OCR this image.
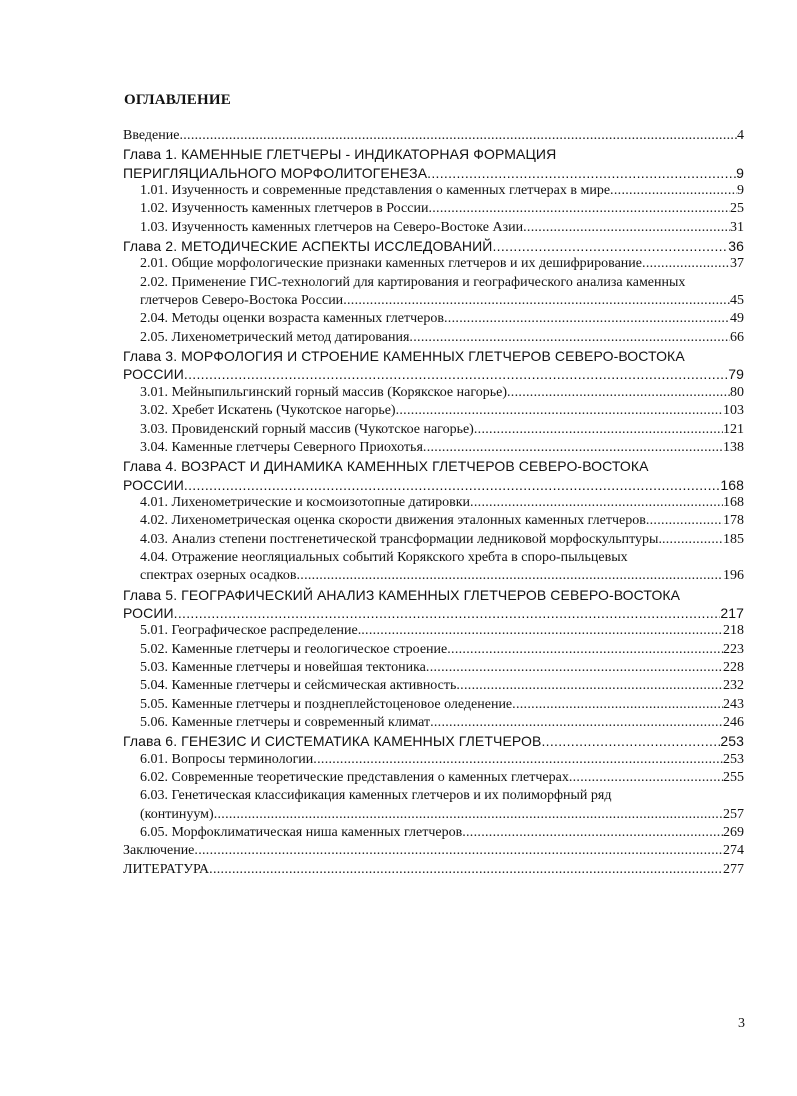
ОГЛАВЛЕНИЕ
Введение .....	4
Глава 1. КАМЕННЫЕ ГЛЕТЧЕРЫ - ИНДИКАТОРНАЯ ФОРМАЦИЯ
ПЕРИГЛЯЦИАЛЬНОГО МОРФОЛИТОГЕНЕЗА .....	9
1.01. Изученность и современные представления о каменных глетчерах в мире .....	9
1.02. Изученность каменных глетчеров в России .....	25
1.03. Изученность каменных глетчеров на Северо-Востоке Азии .....	31
Глава 2. МЕТОДИЧЕСКИЕ АСПЕКТЫ ИССЛЕДОВАНИЙ .....	36
2.01. Общие морфологические признаки каменных глетчеров и их дешифрирование .....	37
2.02. Применение ГИС-технологий для картирования и географического анализа каменных
глетчеров Северо-Востока России .....	45
2.04. Методы оценки возраста каменных глетчеров .....	49
2.05. Лихенометрический метод датирования .....	66
Глава 3. МОРФОЛОГИЯ И СТРОЕНИЕ КАМЕННЫХ ГЛЕТЧЕРОВ СЕВЕРО-ВОСТОКА
РОССИИ .....	79
3.01. Мейныпильгинский горный массив (Корякское нагорье) .....	80
3.02. Хребет Искатень (Чукотское нагорье) .....	103
3.03. Провиденский горный массив (Чукотское нагорье) .....	121
3.04. Каменные глетчеры Северного Приохотья .....	138
Глава 4. ВОЗРАСТ И ДИНАМИКА КАМЕННЫХ ГЛЕТЧЕРОВ СЕВЕРО-ВОСТОКА
РОССИИ .....	168
4.01. Лихенометрические и космоизотопные датировки .....	168
4.02. Лихенометрическая оценка скорости движения эталонных каменных глетчеров .....	178
4.03. Анализ степени постгенетической трансформации ледниковой морфоскульптуры. .....	185
4.04. Отражение неогляциальных событий Корякского хребта в споро-пыльцевых
спектрах озерных осадков .....	196
Глава 5. ГЕОГРАФИЧЕСКИЙ АНАЛИЗ КАМЕННЫХ ГЛЕТЧЕРОВ СЕВЕРО-ВОСТОКА
РОСИИ .....	217
5.01. Географическое распределение. .....	218
5.02. Каменные глетчеры и геологическое строение .....	223
5.03. Каменные глетчеры и новейшая тектоника .....	228
5.04. Каменные глетчеры и сейсмическая активность .....	232
5.05. Каменные глетчеры и позднеплейстоценовое оледенение .....	243
5.06. Каменные глетчеры и современный климат .....	246
Глава 6. ГЕНЕЗИС И СИСТЕМАТИКА КАМЕННЫХ ГЛЕТЧЕРОВ .....	253
6.01. Вопросы терминологии .....	253
6.02. Современные теоретические представления о каменных глетчерах .....	255
6.03. Генетическая классификация каменных глетчеров и их полиморфный ряд
(континуум) .....	257
6.05. Морфоклиматическая ниша каменных глетчеров .....	269
Заключение .....	274
ЛИТЕРАТУРА .....	277
3
